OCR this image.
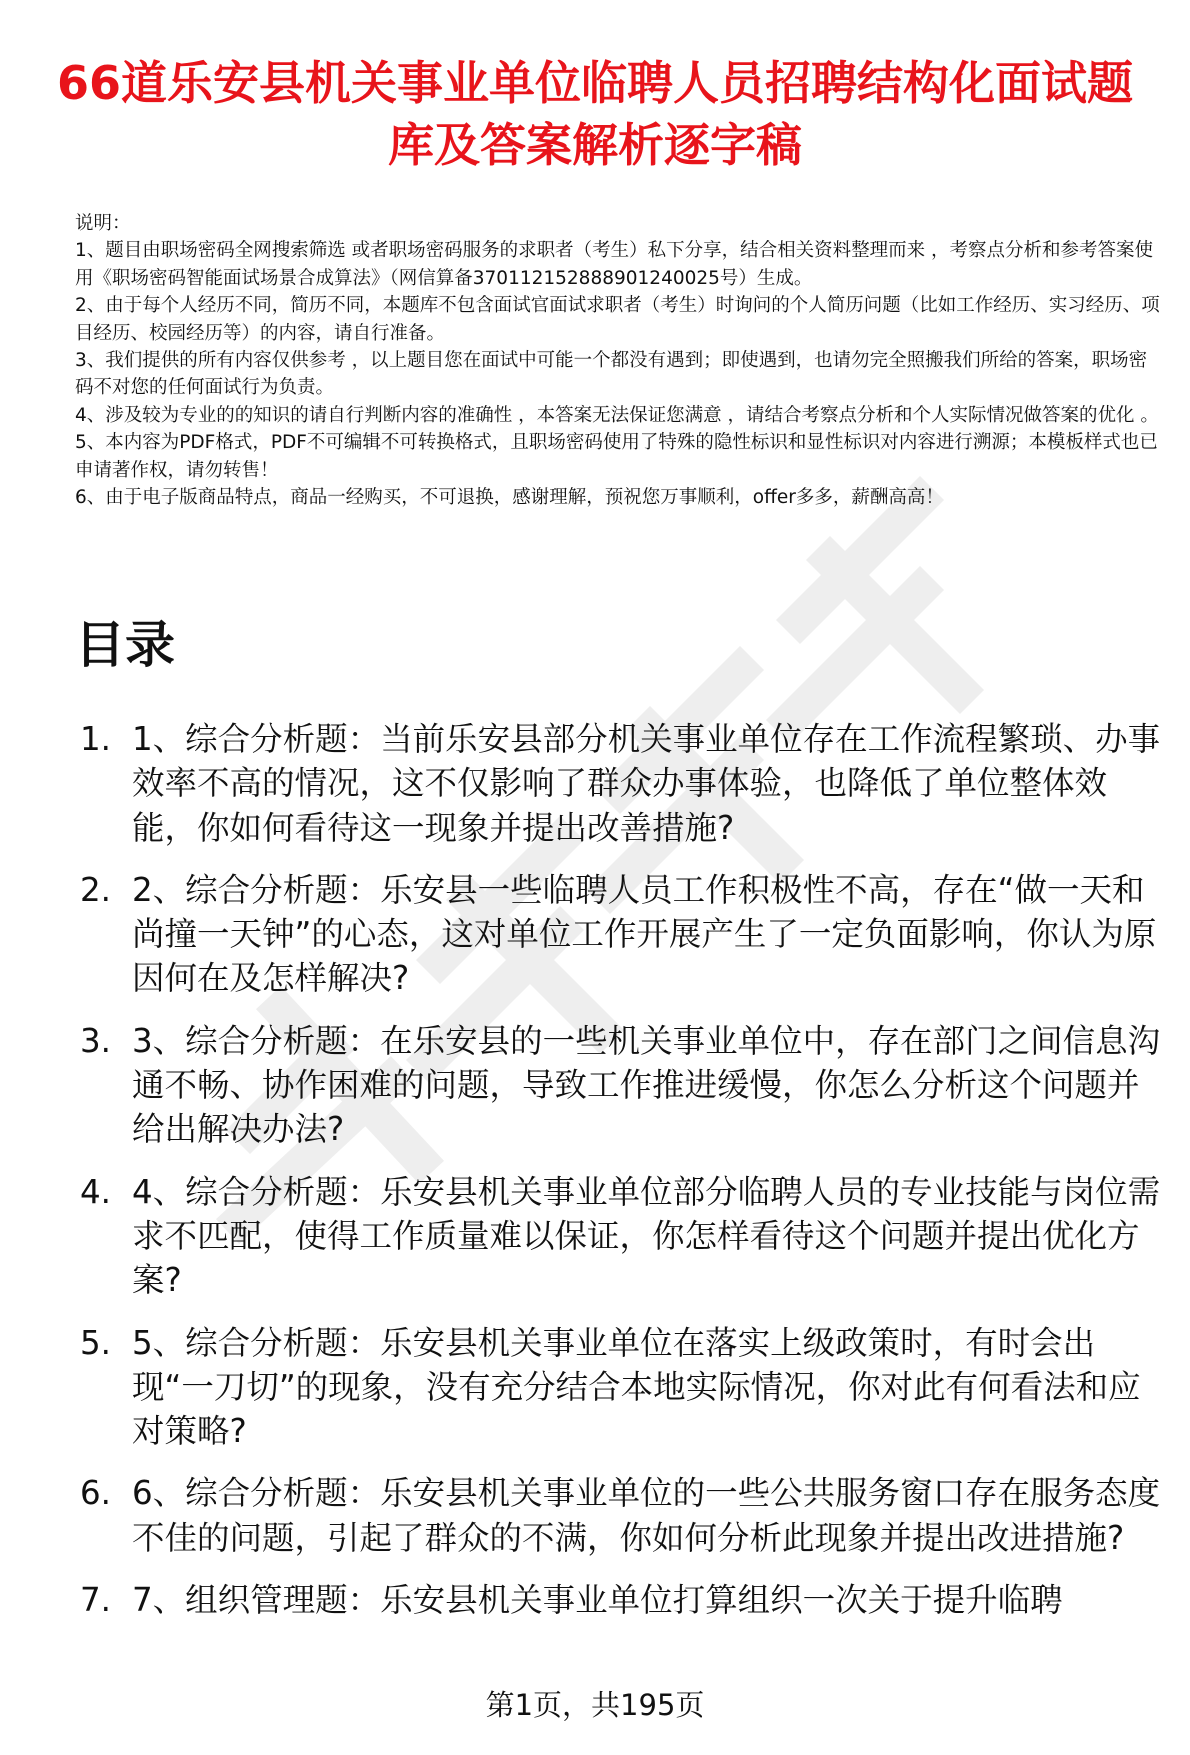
66道乐安县机关事业单位临聘人员招聘结构化面试题库及答案解析逐字稿

说明：

1、题目由职场密码全网搜索筛选 或者职场密码服务的求职者（考生）私下分享，结合相关资料整理而来 ，考察点分析和参考答案使用《职场密码智能面试场景合成算法》（网信算备370112152888901240025号）生成。

2、由于每个人经历不同，简历不同，本题库不包含面试官面试求职者（考生）时询问的个人简历问题（比如工作经历、实习经历、项目经历、校园经历等）的内容，请自行准备。

3、我们提供的所有内容仅供参考 ，以上题目您在面试中可能一个都没有遇到；即使遇到，也请勿完全照搬我们所给的答案，职场密码不对您的任何面试行为负责。

4、涉及较为专业的的知识的请自行判断内容的准确性 ，本答案无法保证您满意 ，请结合考察点分析和个人实际情况做答案的优化 。

5、本内容为PDF格式，PDF不可编辑不可转换格式，且职场密码使用了特殊的隐性标识和显性标识对内容进行溯源；本模板样式也已申请著作权，请勿转售！

6、由于电子版商品特点，商品一经购买，不可退换，感谢理解，预祝您万事顺利，offer多多，薪酬高高！

目录
1. 1、综合分析题：当前乐安县部分机关事业单位存在工作流程繁琐、办事效率不高的情况，这不仅影响了群众办事体验，也降低了单位整体效能，你如何看待这一现象并提出改善措施?
2. 2、综合分析题：乐安县一些临聘人员工作积极性不高，存在“做一天和尚撞一天钟”的心态，这对单位工作开展产生了一定负面影响，你认为原因何在及怎样解决?
3. 3、综合分析题：在乐安县的一些机关事业单位中，存在部门之间信息沟通不畅、协作困难的问题，导致工作推进缓慢，你怎么分析这个问题并给出解决办法?
4. 4、综合分析题：乐安县机关事业单位部分临聘人员的专业技能与岗位需求不匹配，使得工作质量难以保证，你怎样看待这个问题并提出优化方案?
5. 5、综合分析题：乐安县机关事业单位在落实上级政策时，有时会出现“一刀切”的现象，没有充分结合本地实际情况，你对此有何看法和应对策略?
6. 6、综合分析题：乐安县机关事业单位的一些公共服务窗口存在服务态度不佳的问题，引起了群众的不满，你如何分析此现象并提出改进措施?
7. 7、组织管理题：乐安县机关事业单位打算组织一次关于提升临聘
第1页，共195页
